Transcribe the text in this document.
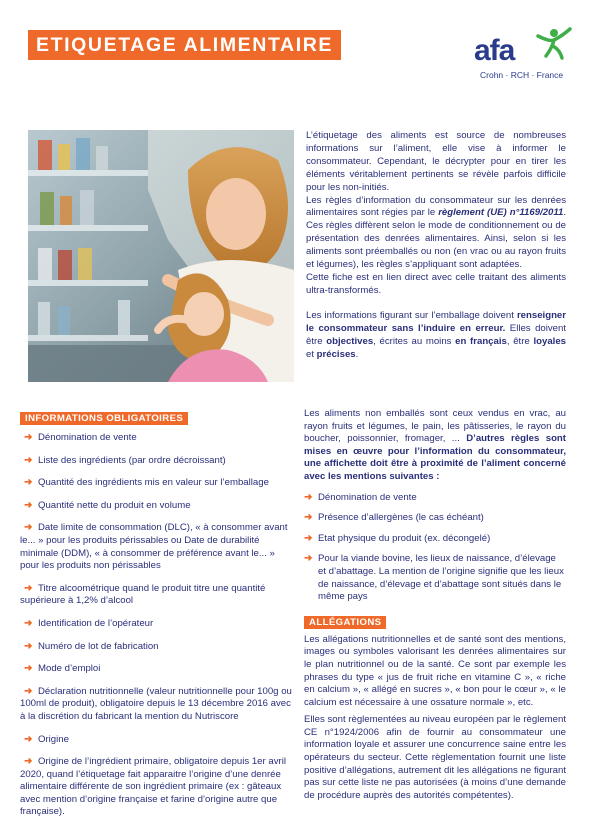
ETIQUETAGE ALIMENTAIRE	afa
Crohn · RCH · France

L’étiquetage des aliments est source de nombreuses informations sur l’aliment, elle vise à informer le consommateur. Cependant, le décrypter pour en tirer les éléments véritablement pertinents se révèle parfois difficile pour les non-initiés.

Les règles d’information du consommateur sur les denrées alimentaires sont régies par le règlement (UE) n°1169/2011. Ces règles diffèrent selon le mode de conditionnement ou de présentation des denrées alimentaires. Ainsi, selon si les aliments sont préemballés ou non (en vrac ou au rayon fruits et légumes), les règles s’appliquant sont adaptées.

Cette fiche est en lien direct avec celle traitant des aliments ultra-transformés.

Les informations figurant sur l’emballage doivent renseigner le consommateur sans l’induire en erreur. Elles doivent être objectives, écrites au moins en français, être loyales et précises.

INFORMATIONS OBLIGATOIRES
➜ Dénomination de vente
➜ Liste des ingrédients (par ordre décroissant)
➜ Quantité des ingrédients mis en valeur sur l’emballage
➜ Quantité nette du produit en volume
➜ Date limite de consommation (DLC), « à consommer avant le... » pour les produits périssables ou Date de durabilité minimale (DDM), « à consommer de préférence avant le... » pour les produits non périssables
➜ Titre alcoométrique quand le produit titre une quantité supérieure à 1,2% d’alcool
➜ Identification de l’opérateur
➜ Numéro de lot de fabrication
➜ Mode d’emploi
➜ Déclaration nutritionnelle (valeur nutritionnelle pour 100g ou 100ml de produit), obligatoire depuis le 13 décembre 2016 avec à la discrétion du fabricant la mention du Nutriscore
➜ Origine
➜ Origine de l’ingrédient primaire, obligatoire depuis 1er avril 2020, quand l’étiquetage fait apparaitre l’origine d’une denrée alimentaire différente de son ingrédient primaire (ex : gâteaux avec mention d’origine française et farine d’origine autre que française).

Les aliments non emballés sont ceux vendus en vrac, au rayon fruits et légumes, le pain, les pâtisseries, le rayon du boucher, poissonnier, fromager, ... D’autres règles sont mises en œuvre pour l’information du consommateur, une affichette doit être à proximité de l’aliment concerné avec les mentions suivantes :

➜ Dénomination de vente
➜ Présence d’allergènes (le cas échéant)
➜ Etat physique du produit (ex. décongelé)
➜ Pour la viande bovine, les lieux de naissance, d’élevage et d’abattage. La mention de l’origine signifie que les lieux de naissance, d’élevage et d’abattage sont situés dans le même pays
ALLÉGATIONS

Les allégations nutritionnelles et de santé sont des mentions, images ou symboles valorisant les denrées alimentaires sur le plan nutritionnel ou de la santé. Ce sont par exemple les phrases du type « jus de fruit riche en vitamine C », « riche en calcium », « allégé en sucres », « bon pour le cœur », « le calcium est nécessaire à une ossature normale », etc.

Elles sont règlementées au niveau européen par le règlement CE n°1924/2006 afin de fournir au consommateur une information loyale et assurer une concurrence saine entre les opérateurs du secteur. Cette règlementation fournit une liste positive d’allégations, autrement dit les allégations ne figurant pas sur cette liste ne pas autorisées (à moins d’une demande de procédure auprès des autorités compétentes).
